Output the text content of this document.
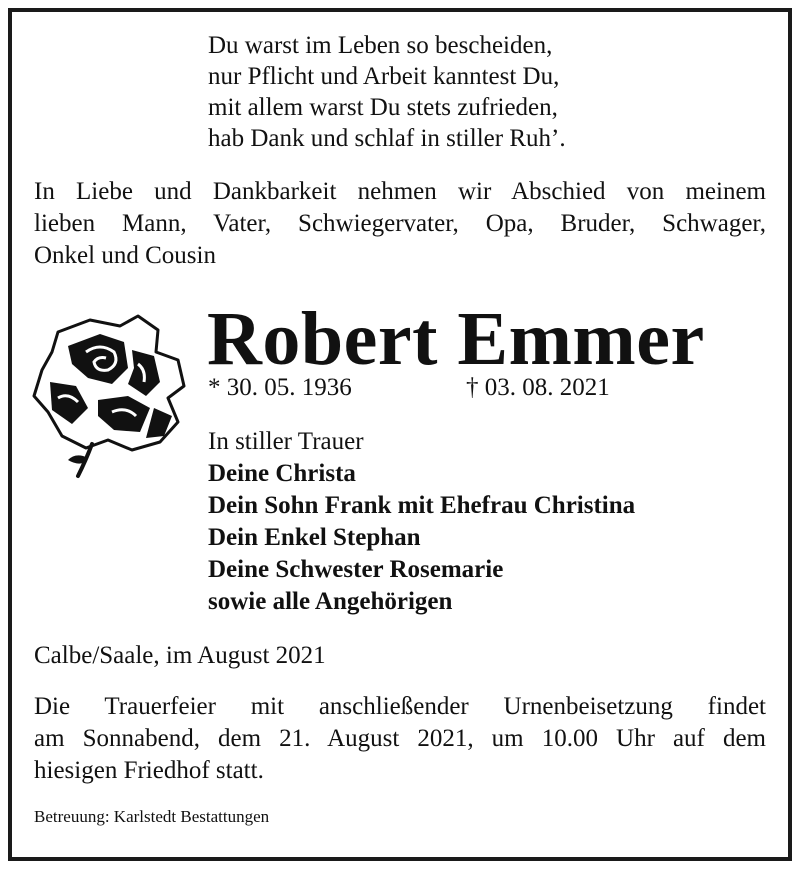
Du warst im Leben so bescheiden,
nur Pflicht und Arbeit kanntest Du,
mit allem warst Du stets zufrieden,
hab Dank und schlaf in stiller Ruh’.
In Liebe und Dankbarkeit nehmen wir Abschied von meinem
lieben Mann, Vater, Schwiegervater, Opa, Bruder, Schwager,
Onkel und Cousin
Robert Emmer
* 30. 05. 1936	† 03. 08. 2021
In stiller Trauer
Deine Christa
Dein Sohn Frank mit Ehefrau Christina
Dein Enkel Stephan
Deine Schwester Rosemarie
sowie alle Angehörigen
Calbe/Saale, im August 2021
Die Trauerfeier mit anschließender Urnenbeisetzung findet
am Sonnabend, dem 21. August 2021, um 10.00 Uhr auf dem
hiesigen Friedhof statt.
Betreuung: Karlstedt Bestattungen
